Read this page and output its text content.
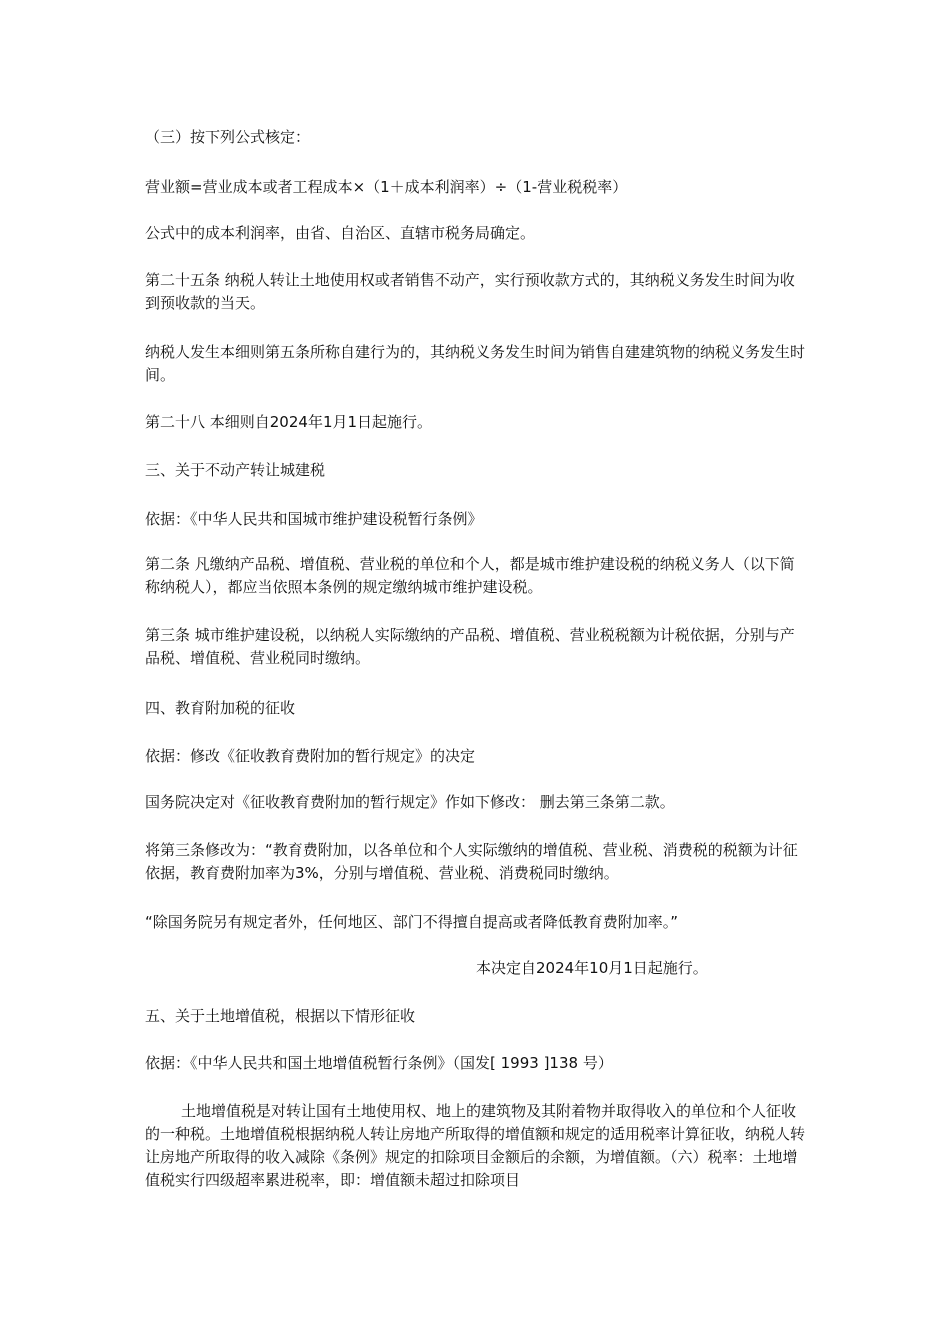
（三）按下列公式核定：

营业额=营业成本或者工程成本×（1＋成本利润率）÷（1-营业税税率）

公式中的成本利润率，由省、自治区、直辖市税务局确定。

第二十五条 纳税人转让土地使用权或者销售不动产，实行预收款方式的，其纳税义务发生时间为收到预收款的当天。

纳税人发生本细则第五条所称自建行为的，其纳税义务发生时间为销售自建建筑物的纳税义务发生时间。

第二十八 本细则自2024年1月1日起施行。

三、关于不动产转让城建税

依据：《中华人民共和国城市维护建设税暂行条例》

第二条 凡缴纳产品税、增值税、营业税的单位和个人，都是城市维护建设税的纳税义务人（以下简称纳税人），都应当依照本条例的规定缴纳城市维护建设税。

第三条 城市维护建设税，以纳税人实际缴纳的产品税、增值税、营业税税额为计税依据，分别与产品税、增值税、营业税同时缴纳。

四、教育附加税的征收

依据：修改《征收教育费附加的暂行规定》的决定

国务院决定对《征收教育费附加的暂行规定》作如下修改： 删去第三条第二款。

将第三条修改为：“教育费附加，以各单位和个人实际缴纳的增值税、营业税、消费税的税额为计征依据，教育费附加率为3%，分别与增值税、营业税、消费税同时缴纳。

“除国务院另有规定者外，任何地区、部门不得擅自提高或者降低教育费附加率。”

本决定自2024年10月1日起施行。

五、关于土地增值税，根据以下情形征收

依据：《中华人民共和国土地增值税暂行条例》（国发[ 1993 ]138 号）

土地增值税是对转让国有土地使用权、地上的建筑物及其附着物并取得收入的单位和个人征收的一种税。土地增值税根据纳税人转让房地产所取得的增值额和规定的适用税率计算征收，纳税人转让房地产所取得的收入减除《条例》规定的扣除项目金额后的余额，为增值额。（六）税率：土地增值税实行四级超率累进税率，即：增值额未超过扣除项目
